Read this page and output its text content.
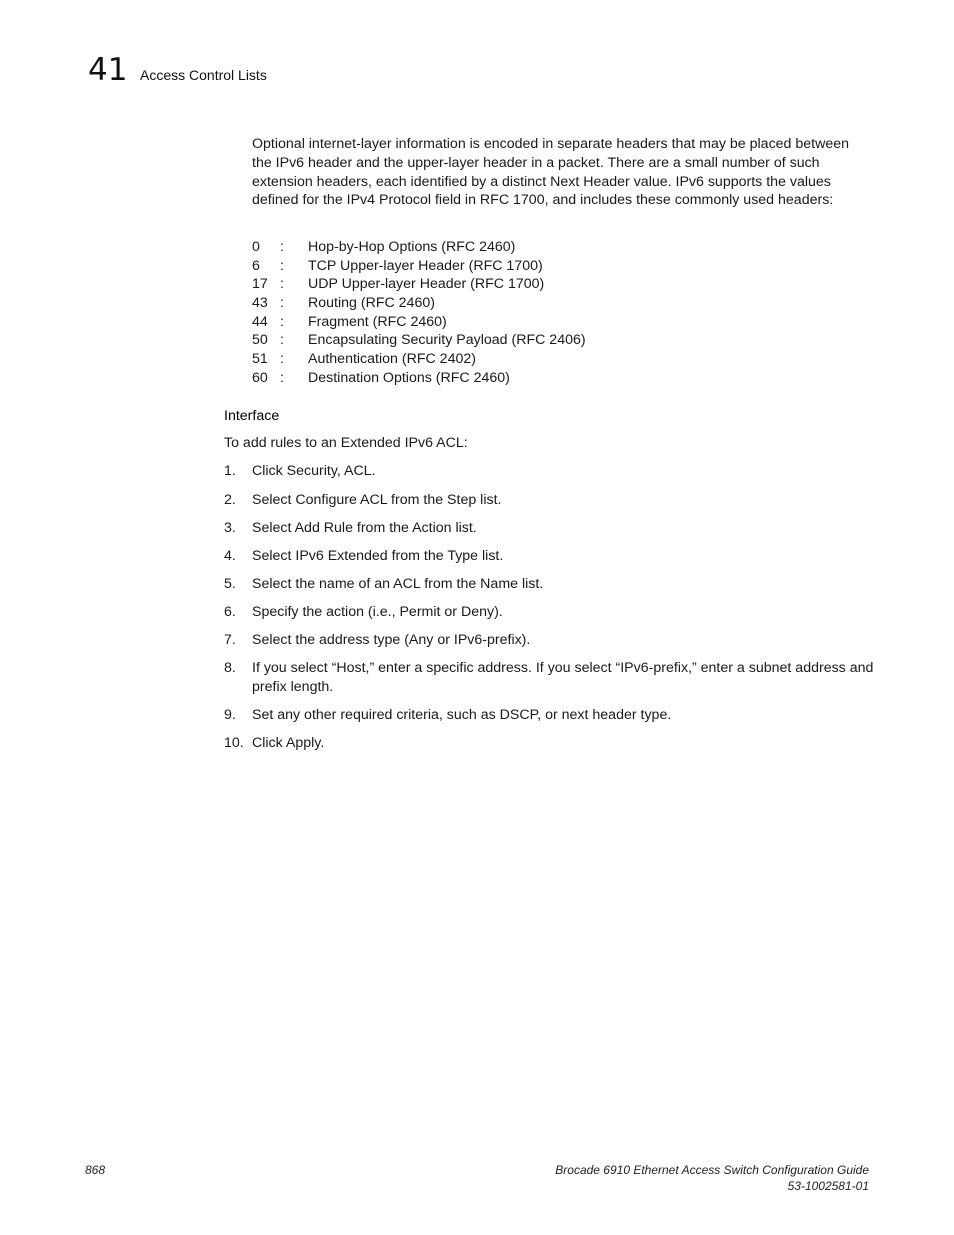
41 Access Control Lists

Optional internet-layer information is encoded in separate headers that may be placed between the IPv6 header and the upper-layer header in a packet. There are a small number of such extension headers, each identified by a distinct Next Header value. IPv6 supports the values defined for the IPv4 Protocol field in RFC 1700, and includes these commonly used headers:

0	:	Hop-by-Hop Options (RFC 2460)
6	:	TCP Upper-layer Header (RFC 1700)
17 :	UDP Upper-layer Header (RFC 1700)
43 :	Routing (RFC 2460)
44 :	Fragment (RFC 2460)
50 :	Encapsulating Security Payload (RFC 2406)
51 :	Authentication (RFC 2402)
60 :	Destination Options (RFC 2460)
Interface

To add rules to an Extended IPv6 ACL:

1.	Click Security, ACL.
2.	Select Configure ACL from the Step list.
3.	Select Add Rule from the Action list.
4.	Select IPv6 Extended from the Type list.
5.	Select the name of an ACL from the Name list.
6.	Specify the action (i.e., Permit or Deny).
7.	Select the address type (Any or IPv6-prefix).
8.	If you select “Host,” enter a specific address. If you select “IPv6-prefix,” enter a subnet address and prefix length.
9.	Set any other required criteria, such as DSCP, or next header type.
10. Click Apply.
868	Brocade 6910 Ethernet Access Switch Configuration Guide
53-1002581-01
